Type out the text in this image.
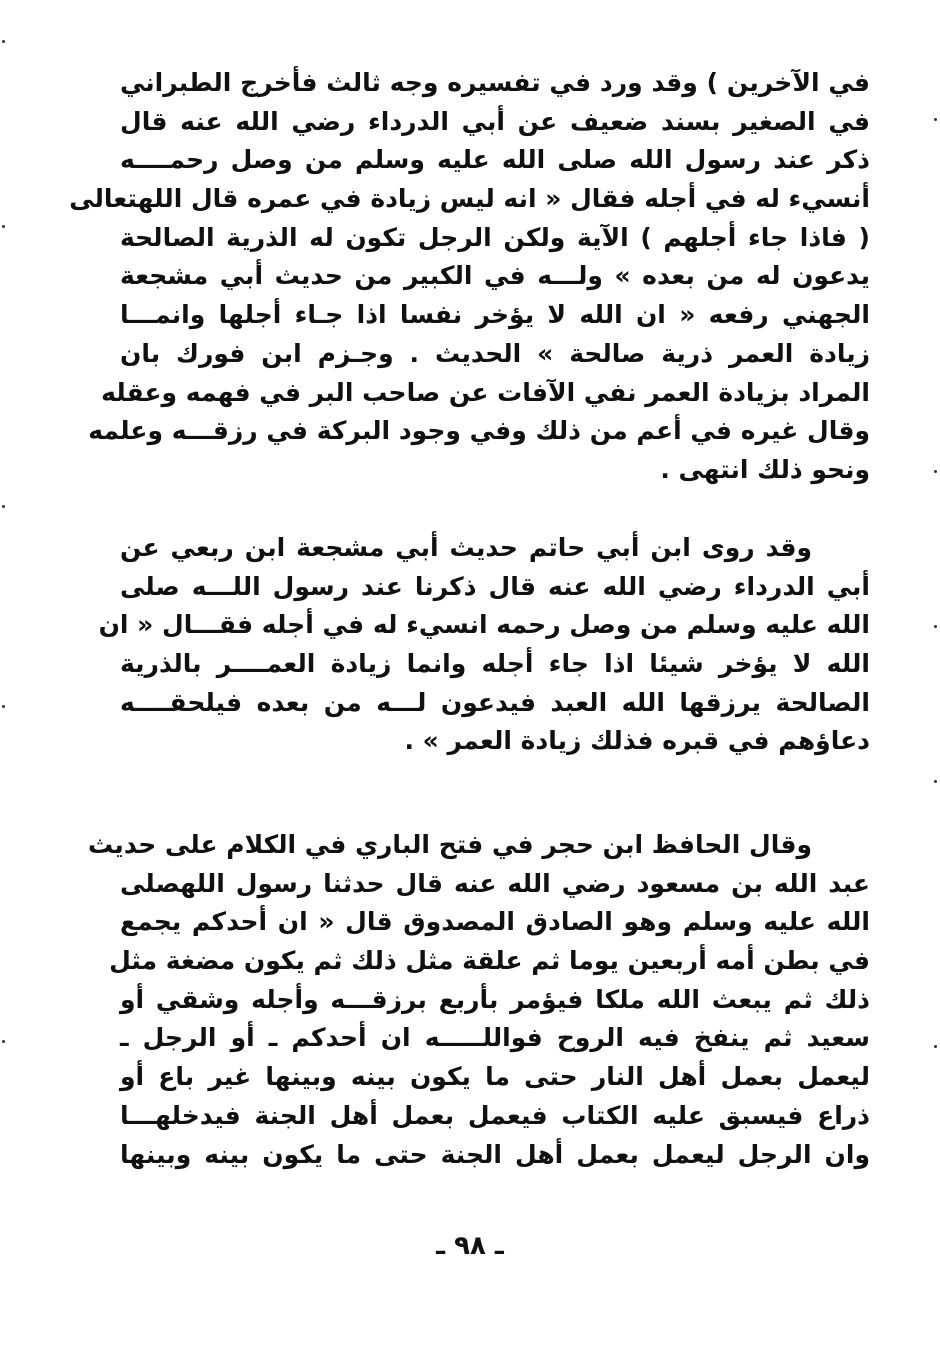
في الآخرين ) وقد ورد في تفسيره وجه ثالث فأخرج الطبراني
في الصغير بسند ضعيف عن أبي الدرداء رضي الله عنه قال
ذكر عند رسول الله صلى الله عليه وسلم من وصل رحمــــه
أنسيء له في أجله فقال « انه ليس زيادة في عمره قال اللهتعالى
( فاذا جاء أجلهم ) الآية ولكن الرجل تكون له الذرية الصالحة
يدعون له من بعده » ولـــه في الكبير من حديث أبي مشجعة
الجهني رفعه « ان الله لا يؤخر نفسا اذا جـاء أجلها وانمـــا
زيادة العمر ذرية صالحة » الحديث . وجـزم ابن فورك بان
المراد بزيادة العمر نفي الآفات عن صاحب البر في فهمه وعقله
وقال غيره في أعم من ذلك وفي وجود البركة في رزقـــه وعلمه
ونحو ذلك انتهى .
وقد روى ابن أبي حاتم حديث أبي مشجعة ابن ربعي عن
أبي الدرداء رضي الله عنه قال ذكرنا عند رسول اللـــه صلى
الله عليه وسلم من وصل رحمه انسيء له في أجله فقـــال « ان
الله لا يؤخر شيئا اذا جاء أجله وانما زيادة العمــــر بالذرية
الصالحة يرزقها الله العبد فيدعون لـــه من بعده فيلحقــــه
دعاؤهم في قبره فذلك زيادة العمر » .
وقال الحافظ ابن حجر في فتح الباري في الكلام على حديث
عبد الله بن مسعود رضي الله عنه قال حدثنا رسول اللهصلى
الله عليه وسلم وهو الصادق المصدوق قال « ان أحدكم يجمع
في بطن أمه أربعين يوما ثم علقة مثل ذلك ثم يكون مضغة مثل
ذلك ثم يبعث الله ملكا فيؤمر بأربع برزقـــه وأجله وشقي أو
سعيد ثم ينفخ فيه الروح فواللـــــه ان أحدكم ـ أو الرجل ـ
ليعمل بعمل أهل النار حتى ما يكون بينه وبينها غير باع أو
ذراع فيسبق عليه الكتاب فيعمل بعمل أهل الجنة فيدخلهـــا
وان الرجل ليعمل بعمل أهل الجنة حتى ما يكون بينه وبينها
ـ ٩٨ ـ
